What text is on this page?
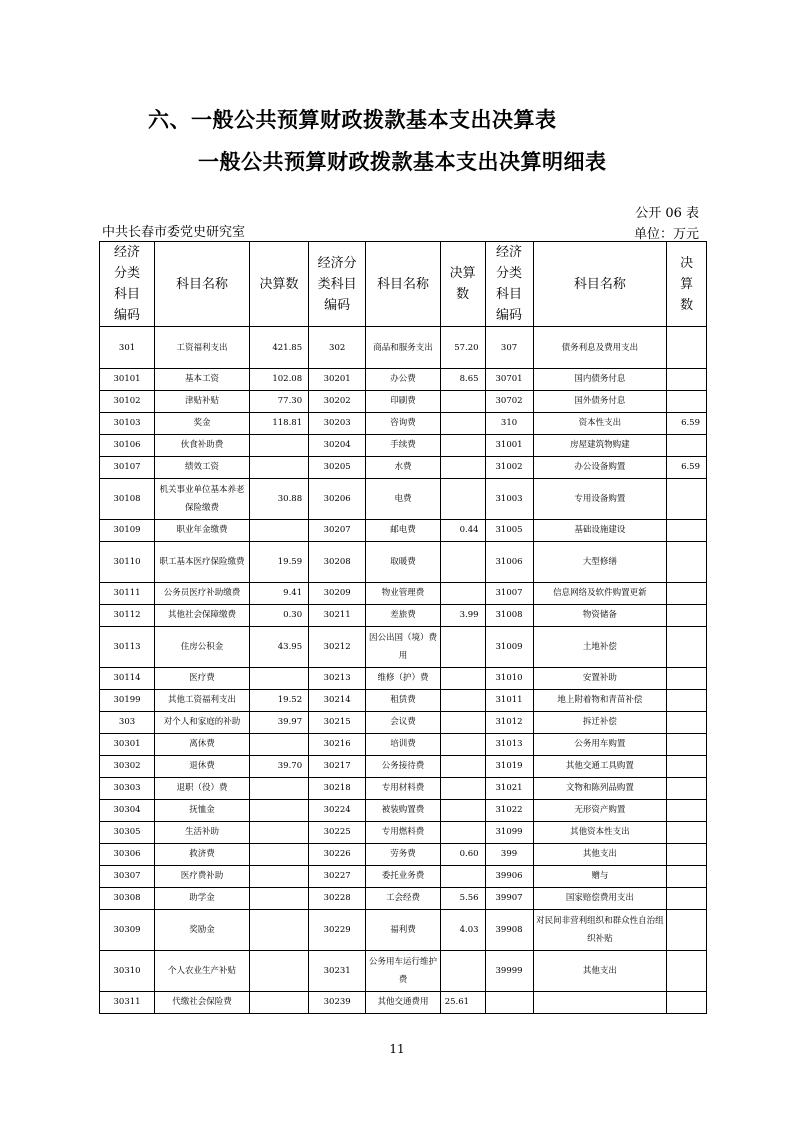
六、一般公共预算财政拨款基本支出决算表
一般公共预算财政拨款基本支出决算明细表
公开 06 表
中共长春市委党史研究室	单位：万元
经济分类科目编码	科目名称	决算数	经济分类科目编码	科目名称	决算数	经济分类科目编码	科目名称	决算数
301	工资福利支出	421.85	302	商品和服务支出	57.20	307	债务利息及费用支出	
30101	基本工资	102.08	30201	办公费	8.65	30701	国内债务付息	
30102	津贴补贴	77.30	30202	印刷费		30702	国外债务付息	
30103	奖金	118.81	30203	咨询费		310	资本性支出	6.59
30106	伙食补助费		30204	手续费		31001	房屋建筑物购建	
30107	绩效工资		30205	水费		31002	办公设备购置	6.59
30108	机关事业单位基本养老保险缴费	30.88	30206	电费		31003	专用设备购置	
30109	职业年金缴费		30207	邮电费	0.44	31005	基础设施建设	
30110	职工基本医疗保险缴费	19.59	30208	取暖费		31006	大型修缮	
30111	公务员医疗补助缴费	9.41	30209	物业管理费		31007	信息网络及软件购置更新	
30112	其他社会保障缴费	0.30	30211	差旅费	3.99	31008	物资储备	
30113	住房公积金	43.95	30212	因公出国（境）费用		31009	土地补偿	
30114	医疗费		30213	维修（护）费		31010	安置补助	
30199	其他工资福利支出	19.52	30214	租赁费		31011	地上附着物和青苗补偿	
303	对个人和家庭的补助	39.97	30215	会议费		31012	拆迁补偿	
30301	离休费		30216	培训费		31013	公务用车购置	
30302	退休费	39.70	30217	公务接待费		31019	其他交通工具购置	
30303	退职（役）费		30218	专用材料费		31021	文物和陈列品购置	
30304	抚恤金		30224	被装购置费		31022	无形资产购置	
30305	生活补助		30225	专用燃料费		31099	其他资本性支出	
30306	救济费		30226	劳务费	0.60	399	其他支出	
30307	医疗费补助		30227	委托业务费		39906	赠与	
30308	助学金		30228	工会经费	5.56	39907	国家赔偿费用支出	
30309	奖励金		30229	福利费	4.03	39908	对民间非营利组织和群众性自治组织补贴	
30310	个人农业生产补贴		30231	公务用车运行维护费		39999	其他支出	
30311	代缴社会保险费		30239	其他交通费用	25.61			
11
